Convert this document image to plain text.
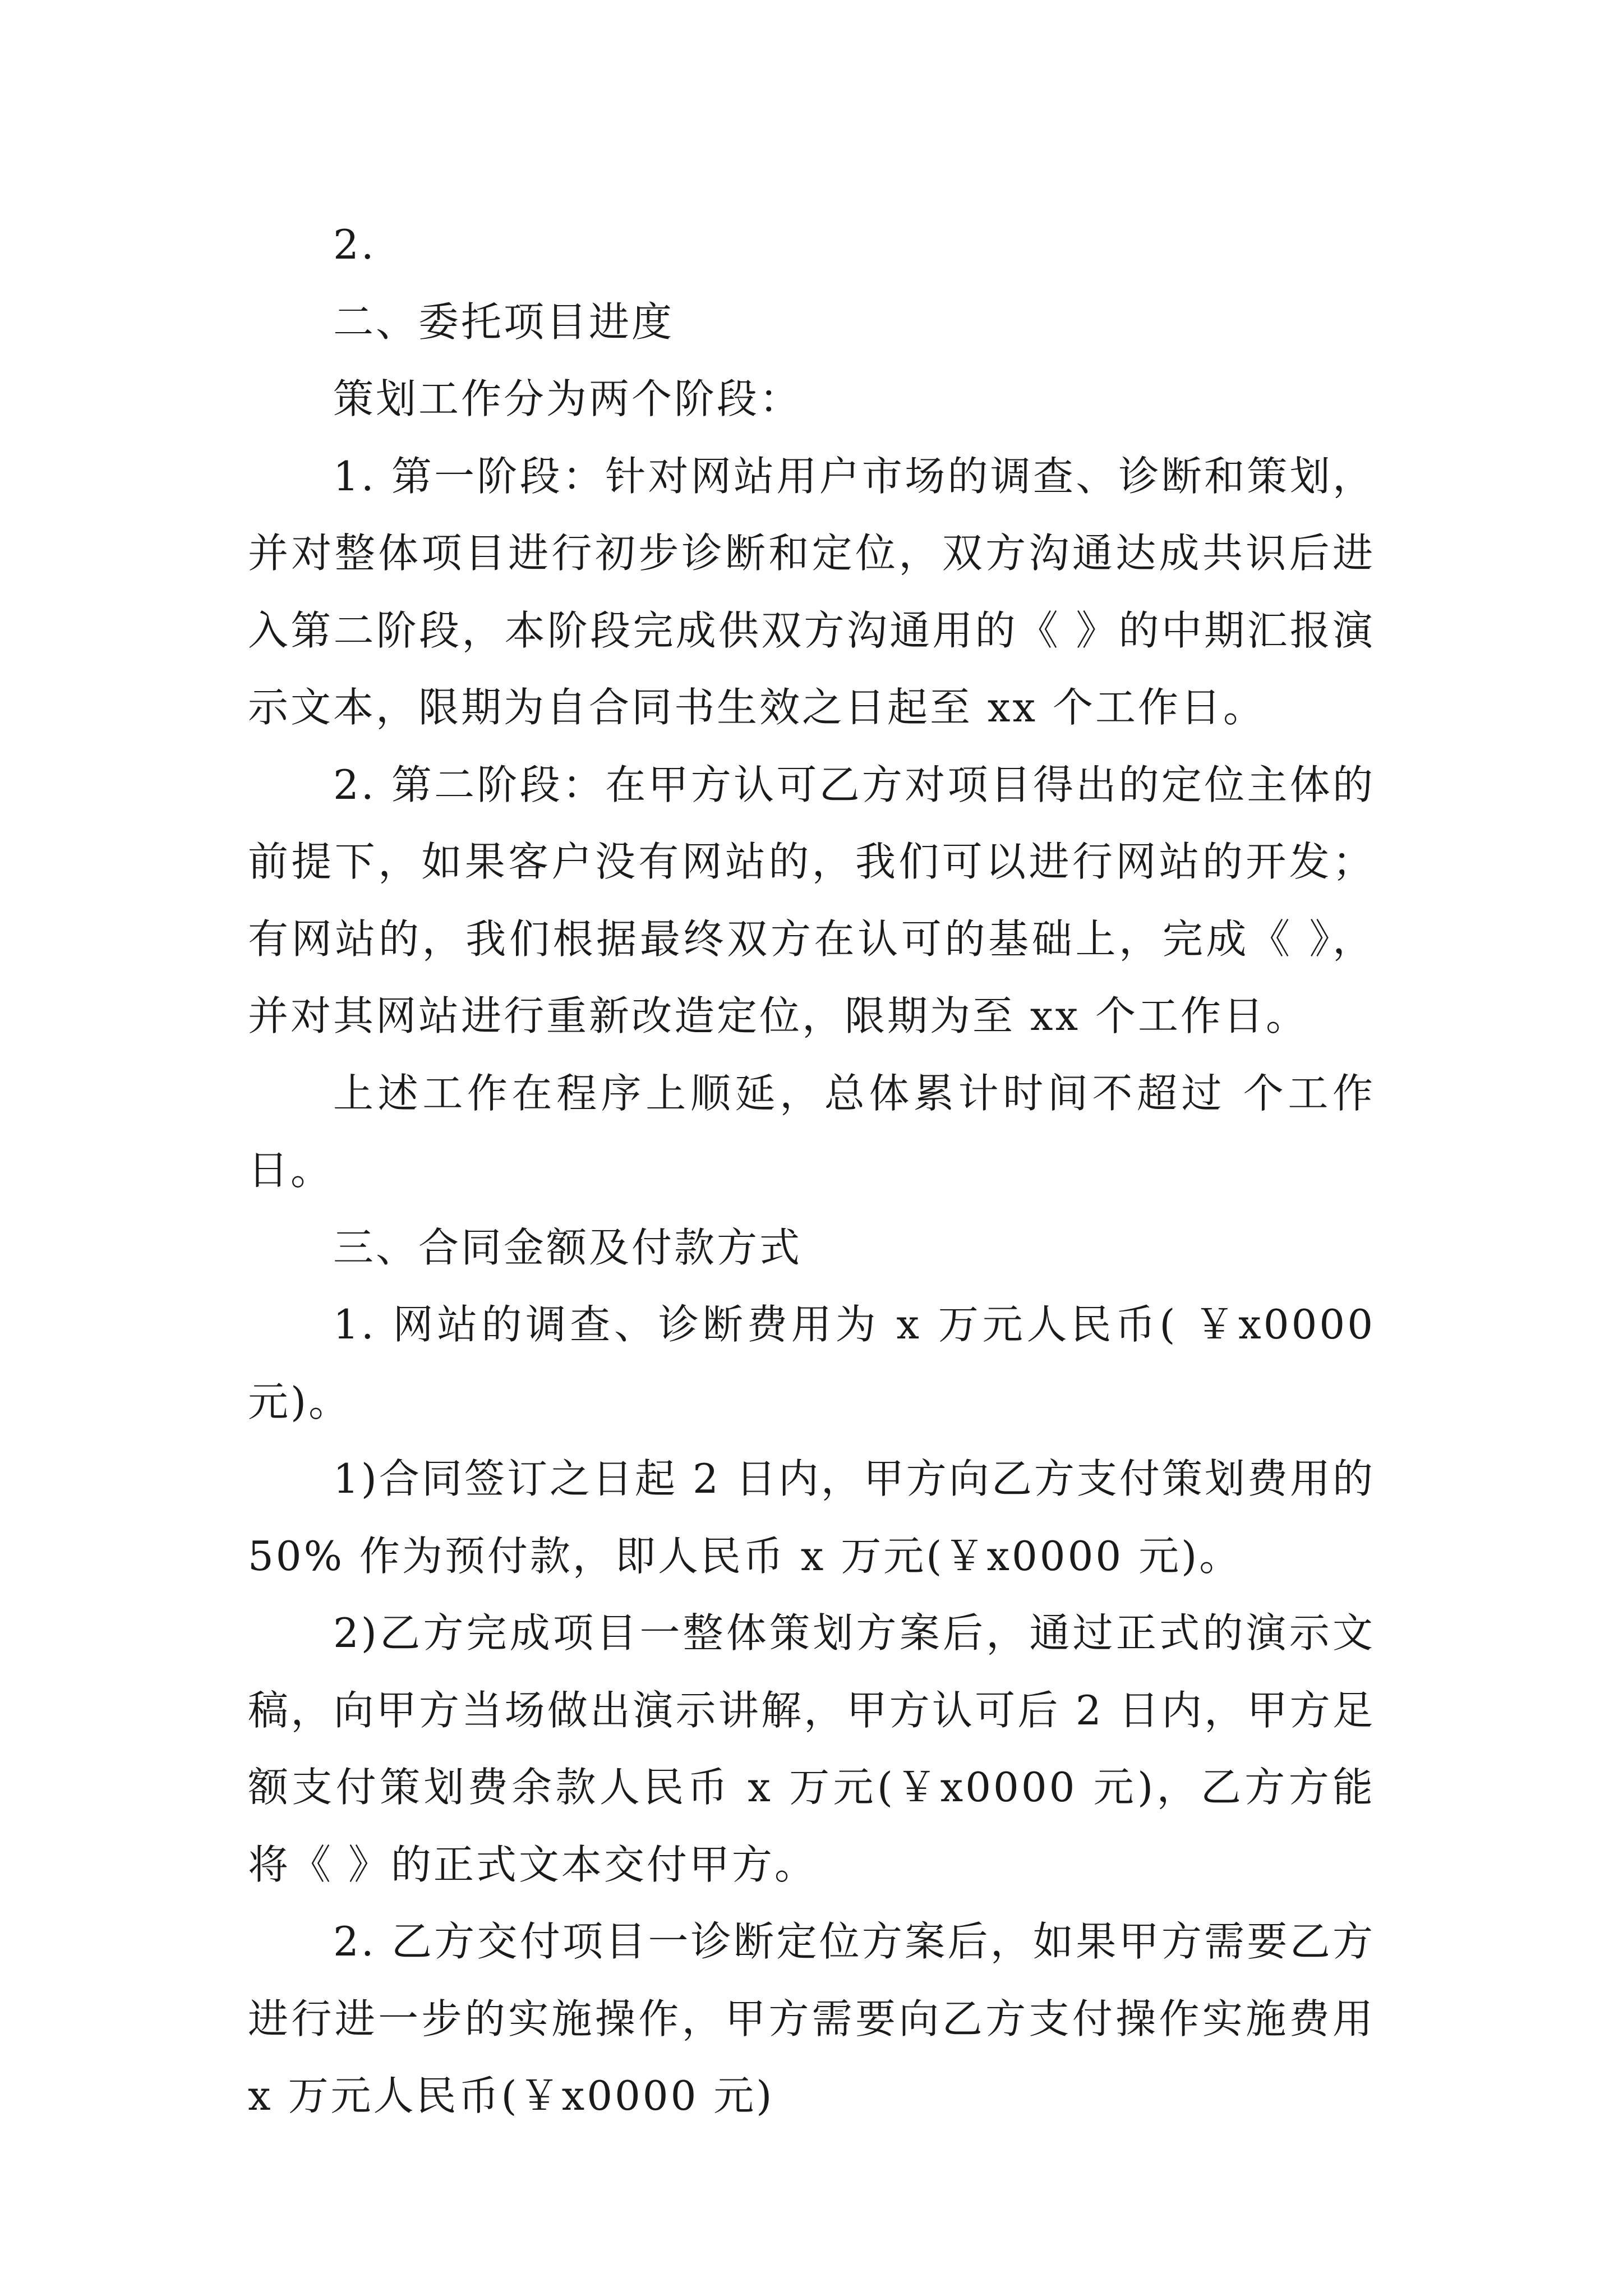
2.

二、委托项目进度

策划工作分为两个阶段：

1. 第一阶段：针对网站用户市场的调查、诊断和策划，并对整体项目进行初步诊断和定位，双方沟通达成共识后进入第二阶段，本阶段完成供双方沟通用的《 》的中期汇报演示文本，限期为自合同书生效之日起至 xx 个工作日。

2. 第二阶段：在甲方认可乙方对项目得出的定位主体的前提下，如果客户没有网站的，我们可以进行网站的开发；有网站的，我们根据最终双方在认可的基础上，完成《 》，并对其网站进行重新改造定位，限期为至 xx 个工作日。

上述工作在程序上顺延，总体累计时间不超过 个工作日。

三、合同金额及付款方式

1. 网站的调查、诊断费用为 x 万元人民币( ￥x0000 元)。

1)合同签订之日起 2 日内，甲方向乙方支付策划费用的 50% 作为预付款，即人民币 x 万元(￥x0000 元)。

2)乙方完成项目一整体策划方案后，通过正式的演示文稿，向甲方当场做出演示讲解，甲方认可后 2 日内，甲方足额支付策划费余款人民币 x 万元(￥x0000 元)，乙方方能将《 》的正式文本交付甲方。

2. 乙方交付项目一诊断定位方案后，如果甲方需要乙方进行进一步的实施操作，甲方需要向乙方支付操作实施费用 x 万元人民币(￥x0000 元)
